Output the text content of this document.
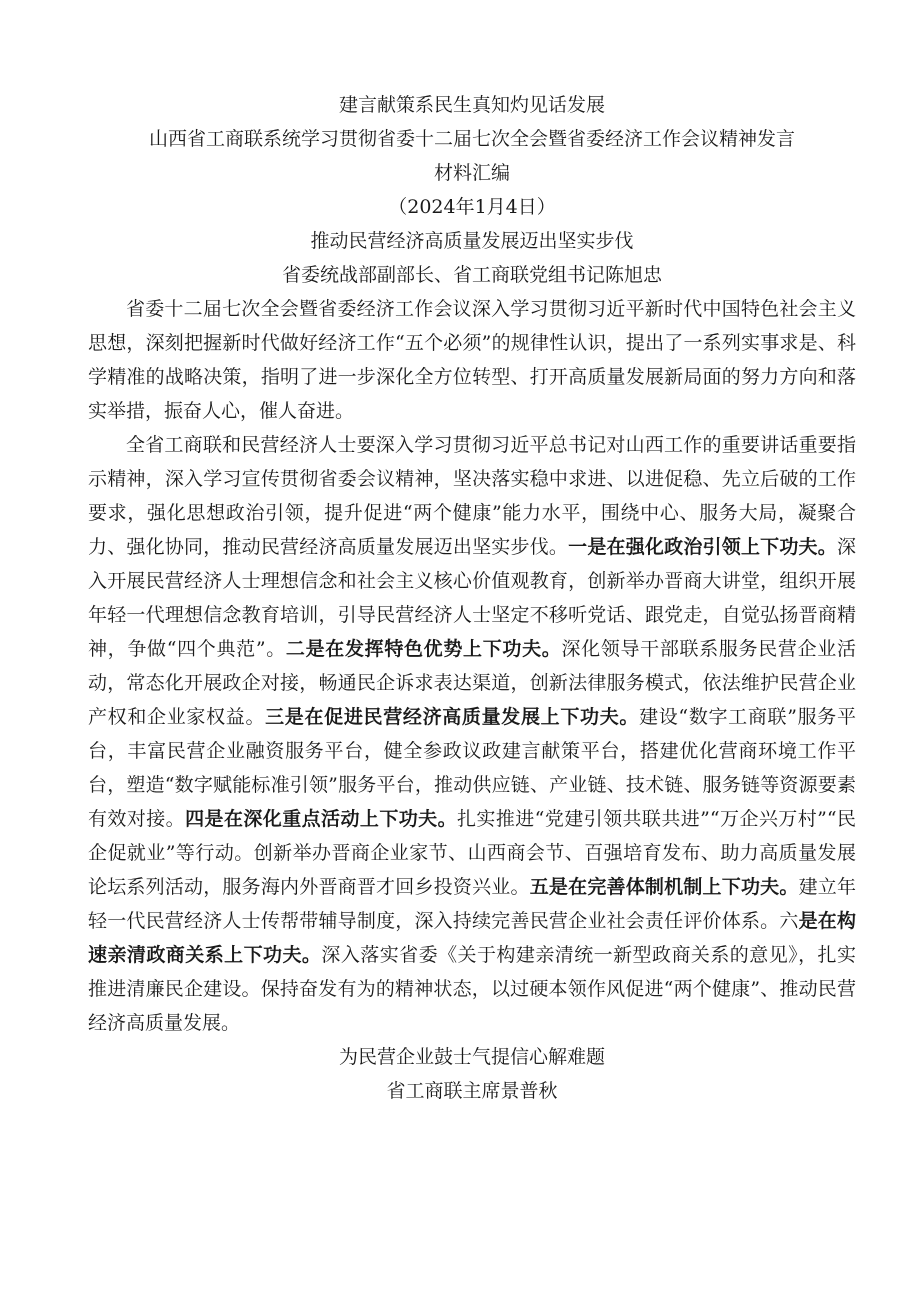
建言献策系民生真知灼见话发展
山西省工商联系统学习贯彻省委十二届七次全会暨省委经济工作会议精神发言
材料汇编
（2024年1月4日）
推动民营经济高质量发展迈出坚实步伐
省委统战部副部长、省工商联党组书记陈旭忠

省委十二届七次全会暨省委经济工作会议深入学习贯彻习近平新时代中国特色社会主义思想，深刻把握新时代做好经济工作“五个必须”的规律性认识，提出了一系列实事求是、科学精准的战略决策，指明了进一步深化全方位转型、打开高质量发展新局面的努力方向和落实举措，振奋人心，催人奋进。

全省工商联和民营经济人士要深入学习贯彻习近平总书记对山西工作的重要讲话重要指示精神，深入学习宣传贯彻省委会议精神，坚决落实稳中求进、以进促稳、先立后破的工作要求，强化思想政治引领，提升促进“两个健康”能力水平，围绕中心、服务大局，凝聚合力、强化协同，推动民营经济高质量发展迈出坚实步伐。一是在强化政治引领上下功夫。深入开展民营经济人士理想信念和社会主义核心价值观教育，创新举办晋商大讲堂，组织开展年轻一代理想信念教育培训，引导民营经济人士坚定不移听党话、跟党走，自觉弘扬晋商精神，争做“四个典范”。二是在发挥特色优势上下功夫。深化领导干部联系服务民营企业活动，常态化开展政企对接，畅通民企诉求表达渠道，创新法律服务模式，依法维护民营企业产权和企业家权益。三是在促进民营经济高质量发展上下功夫。建设“数字工商联”服务平台，丰富民营企业融资服务平台，健全参政议政建言献策平台，搭建优化营商环境工作平台，塑造“数字赋能标准引领”服务平台，推动供应链、产业链、技术链、服务链等资源要素有效对接。四是在深化重点活动上下功夫。扎实推进“党建引领共联共进”“万企兴万村”“民企促就业”等行动。创新举办晋商企业家节、山西商会节、百强培育发布、助力高质量发展论坛系列活动，服务海内外晋商晋才回乡投资兴业。五是在完善体制机制上下功夫。建立年轻一代民营经济人士传帮带辅导制度，深入持续完善民营企业社会责任评价体系。六是在构速亲清政商关系上下功夫。深入落实省委《关于构建亲清统一新型政商关系的意见》，扎实推进清廉民企建设。保持奋发有为的精神状态，以过硬本领作风促进“两个健康”、推动民营经济高质量发展。

为民营企业鼓士气提信心解难题
省工商联主席景普秋
